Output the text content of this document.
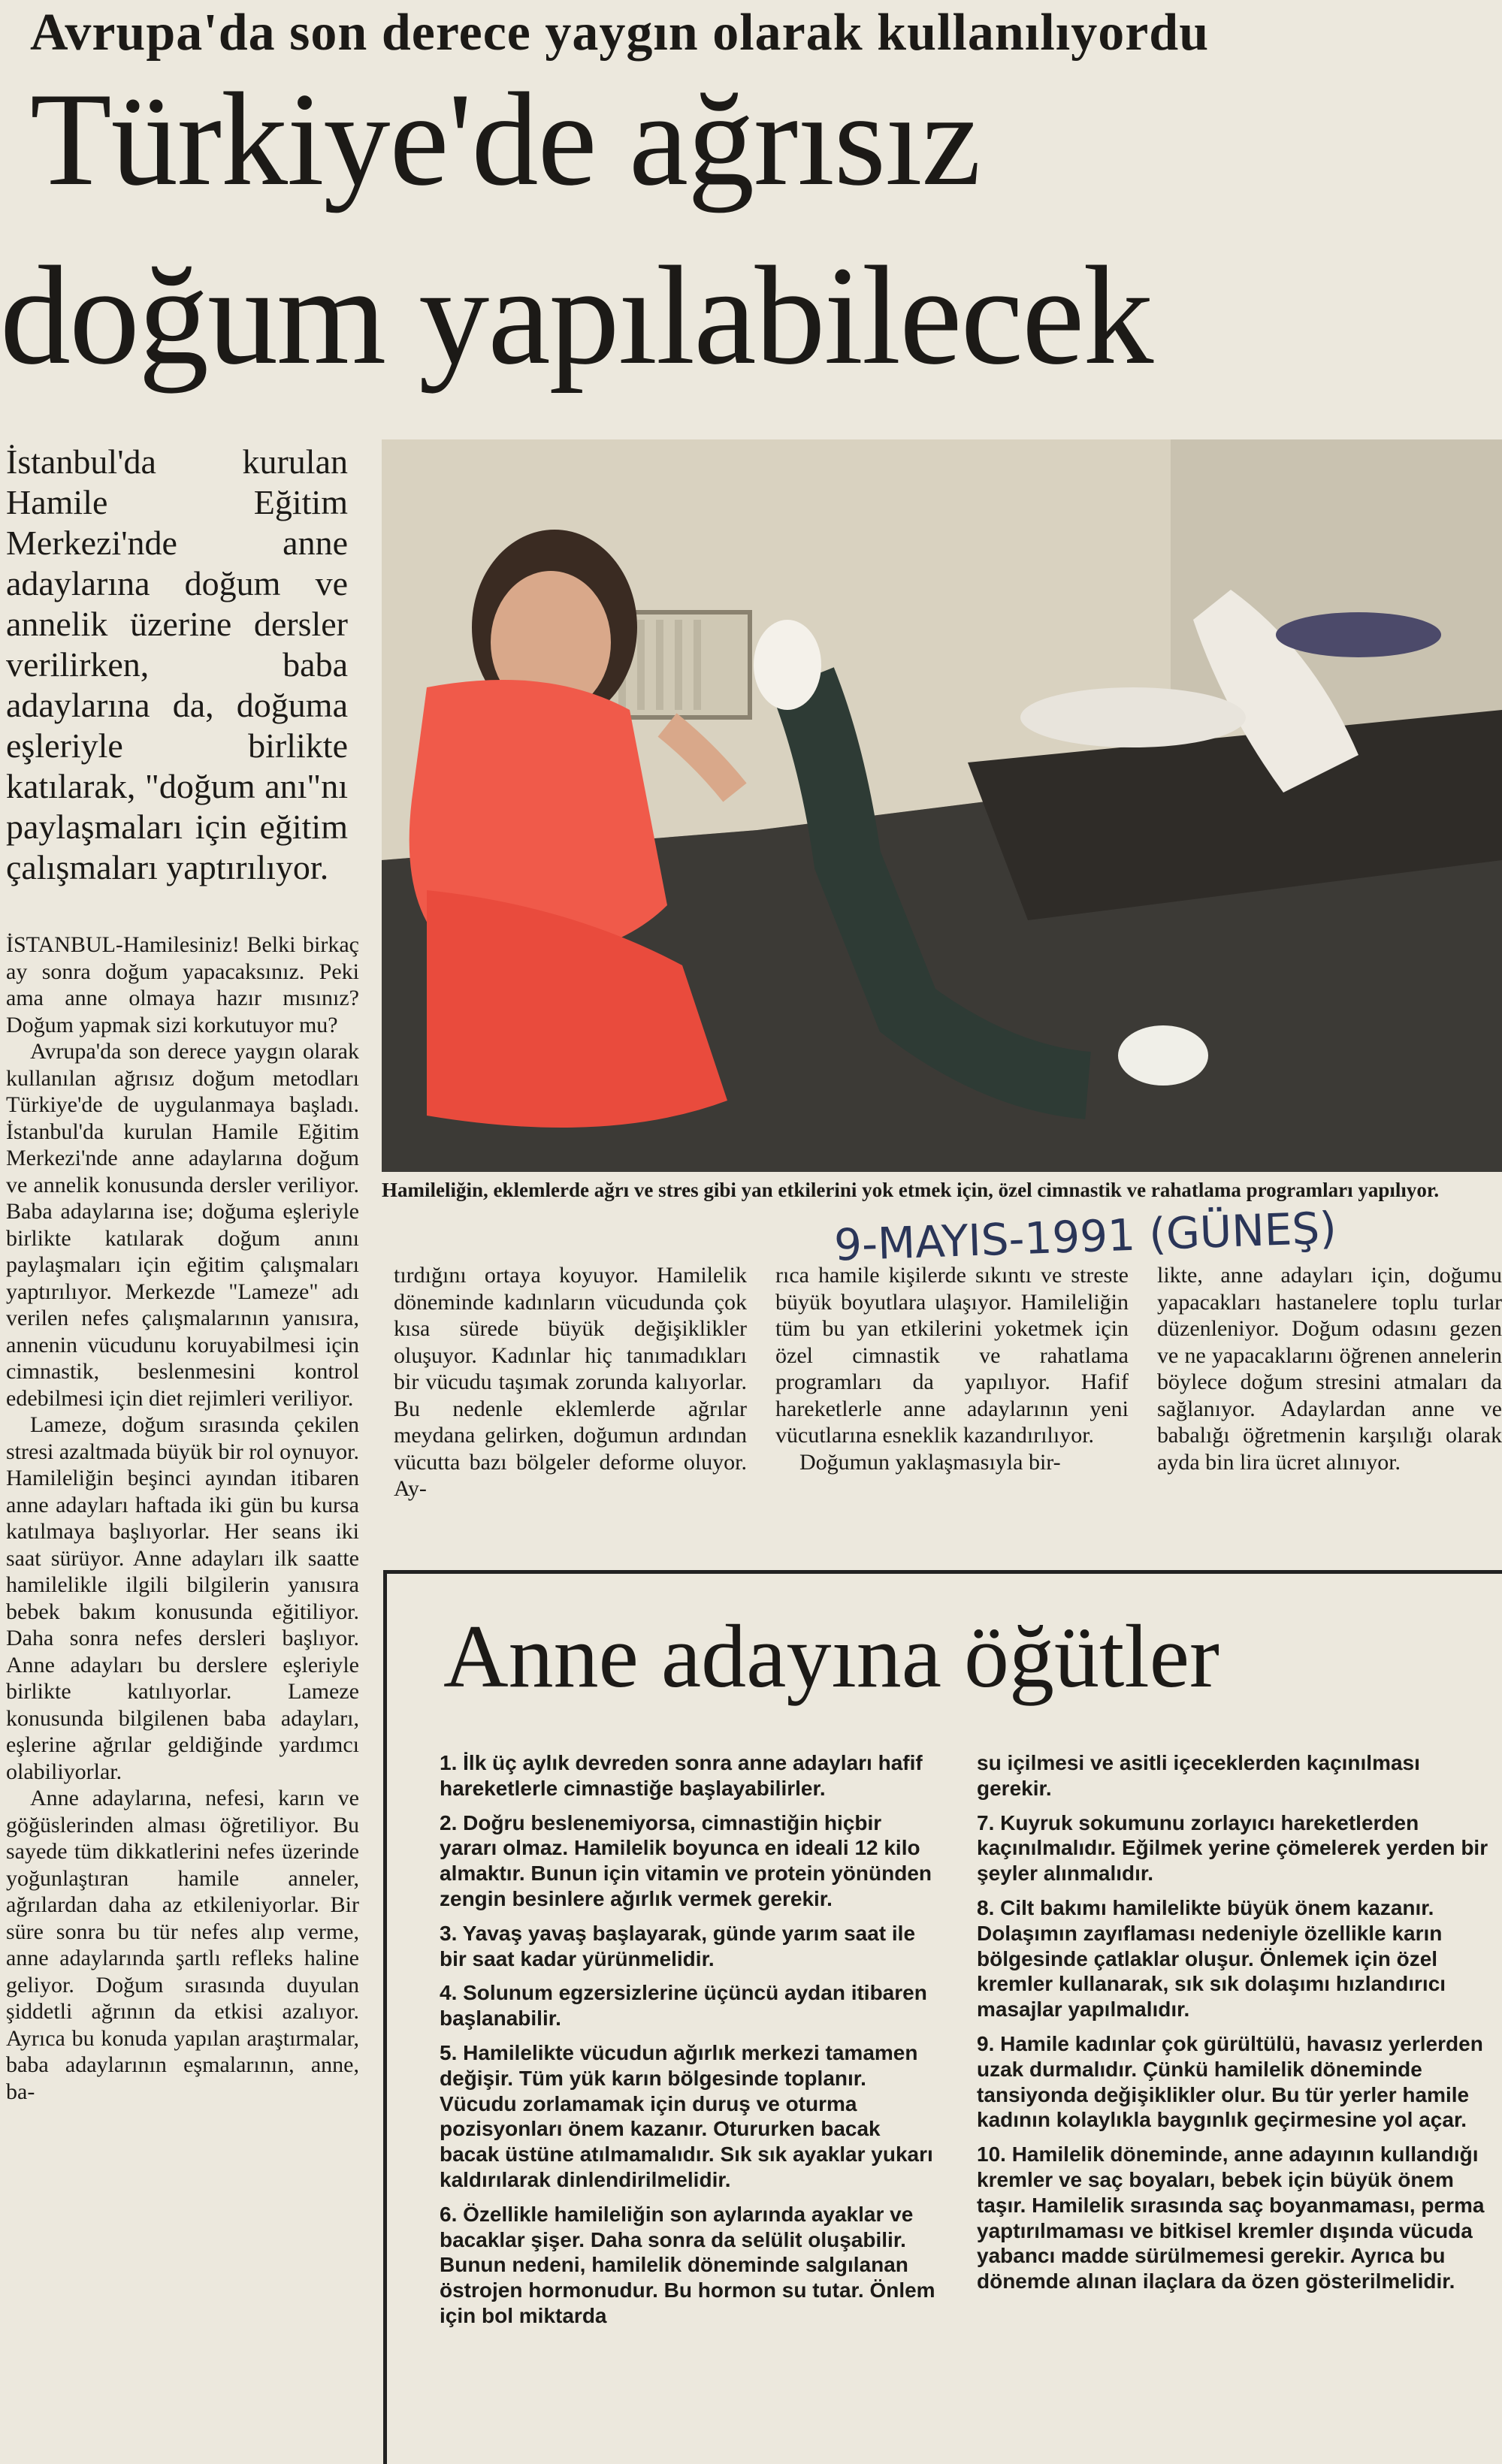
Avrupa'da son derece yaygın olarak kullanılıyordu
Türkiye'de ağrısız
doğum yapılabilecek
İstanbul'da kurulan Hamile Eğitim Merkezi'nde anne adaylarına doğum ve annelik üzerine dersler verilirken, baba adaylarına da, doğuma eşleriyle birlikte katılarak, "doğum anı"nı paylaşmaları için eğitim çalışmaları yaptırılıyor.

İSTANBUL-Hamilesiniz! Belki birkaç ay sonra doğum yapacaksınız. Peki ama anne olmaya hazır mısınız? Doğum yapmak sizi korkutuyor mu?

Avrupa'da son derece yaygın olarak kullanılan ağrısız doğum metodları Türkiye'de de uygulanmaya başladı. İstanbul'da kurulan Hamile Eğitim Merkezi'nde anne adaylarına doğum ve annelik konusunda dersler veriliyor. Baba adaylarına ise; doğuma eşleriyle birlikte katılarak doğum anını paylaşmaları için eğitim çalışmaları yaptırılıyor. Merkezde "Lameze" adı verilen nefes çalışmalarının yanısıra, annenin vücudunu koruyabilmesi için cimnastik, beslenmesini kontrol edebilmesi için diet rejimleri veriliyor.

Lameze, doğum sırasında çekilen stresi azaltmada büyük bir rol oynuyor. Hamileliğin beşinci ayından itibaren anne adayları haftada iki gün bu kursa katılmaya başlıyorlar. Her seans iki saat sürüyor. Anne adayları ilk saatte hamilelikle ilgili bilgilerin yanısıra bebek bakım konusunda eğitiliyor. Daha sonra nefes dersleri başlıyor. Anne adayları bu derslere eşleriyle birlikte katılıyorlar. Lameze konusunda bilgilenen baba adayları, eşlerine ağrılar geldiğinde yardımcı olabiliyorlar.

Anne adaylarına, nefesi, karın ve göğüslerinden alması öğretiliyor. Bu sayede tüm dikkatlerini nefes üzerinde yoğunlaştıran hamile anneler, ağrılardan daha az etkileniyorlar. Bir süre sonra bu tür nefes alıp verme, anne adaylarında şartlı refleks haline geliyor. Doğum sırasında duyulan şiddetli ağrının da etkisi azalıyor. Ayrıca bu konuda yapılan araştırmalar, baba adaylarının eşmalarının, anne, ba-

Hamileliğin, eklemlerde ağrı ve stres gibi yan etkilerini yok etmek için, özel cimnastik ve rahatlama programları yapılıyor.
9-MAYIS-1991 (GÜNEŞ)

tırdığını ortaya koyuyor. Hamilelik döneminde kadınların vücudunda çok kısa sürede büyük değişiklikler oluşuyor. Kadınlar hiç tanımadıkları bir vücudu taşımak zorunda kalıyorlar. Bu nedenle eklemlerde ağrılar meydana gelirken, doğumun ardından vücutta bazı bölgeler deforme oluyor. Ay-

rıca hamile kişilerde sıkıntı ve streste büyük boyutlara ulaşıyor. Hamileliğin tüm bu yan etkilerini yoketmek için özel cimnastik ve rahatlama programları da yapılıyor. Hafif hareketlerle anne adaylarının yeni vücutlarına esneklik kazandırılıyor.

Doğumun yaklaşmasıyla bir-

likte, anne adayları için, doğumu yapacakları hastanelere toplu turlar düzenleniyor. Doğum odasını gezen ve ne yapacaklarını öğrenen annelerin böylece doğum stresini atmaları da sağlanıyor. Adaylardan anne ve babalığı öğretmenin karşılığı olarak ayda bin lira ücret alınıyor.

Anne adayına öğütler

1. İlk üç aylık devreden sonra anne adayları hafif hareketlerle cimnastiğe başlayabilirler.

2. Doğru beslenemiyorsa, cimnastiğin hiçbir yararı olmaz. Hamilelik boyunca en ideali 12 kilo almaktır. Bunun için vitamin ve protein yönünden zengin besinlere ağırlık vermek gerekir.

3. Yavaş yavaş başlayarak, günde yarım saat ile bir saat kadar yürünmelidir.

4. Solunum egzersizlerine üçüncü aydan itibaren başlanabilir.

5. Hamilelikte vücudun ağırlık merkezi tamamen değişir. Tüm yük karın bölgesinde toplanır. Vücudu zorlamamak için duruş ve oturma pozisyonları önem kazanır. Otururken bacak bacak üstüne atılmamalıdır. Sık sık ayaklar yukarı kaldırılarak dinlendirilmelidir.

6. Özellikle hamileliğin son aylarında ayaklar ve bacaklar şişer. Daha sonra da selülit oluşabilir. Bunun nedeni, hamilelik döneminde salgılanan östrojen hormonudur. Bu hormon su tutar. Önlem için bol miktarda

su içilmesi ve asitli içeceklerden kaçınılması gerekir.

7. Kuyruk sokumunu zorlayıcı hareketlerden kaçınılmalıdır. Eğilmek yerine çömelerek yerden bir şeyler alınmalıdır.

8. Cilt bakımı hamilelikte büyük önem kazanır. Dolaşımın zayıflaması nedeniyle özellikle karın bölgesinde çatlaklar oluşur. Önlemek için özel kremler kullanarak, sık sık dolaşımı hızlandırıcı masajlar yapılmalıdır.

9. Hamile kadınlar çok gürültülü, havasız yerlerden uzak durmalıdır. Çünkü hamilelik döneminde tansiyonda değişiklikler olur. Bu tür yerler hamile kadının kolaylıkla baygınlık geçirmesine yol açar.

10. Hamilelik döneminde, anne adayının kullandığı kremler ve saç boyaları, bebek için büyük önem taşır. Hamilelik sırasında saç boyanmaması, perma yaptırılmaması ve bitkisel kremler dışında vücuda yabancı madde sürülmemesi gerekir. Ayrıca bu dönemde alınan ilaçlara da özen gösterilmelidir.
